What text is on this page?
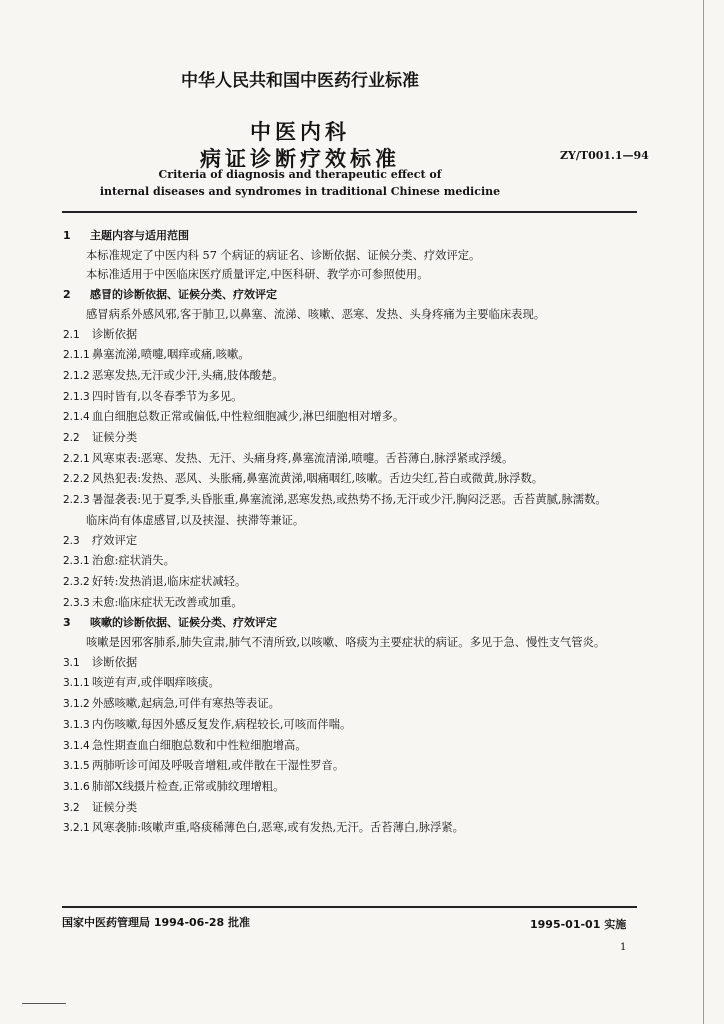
中华人民共和国中医药行业标准
中医内科
病证诊断疗效标准	ZY/T001.1—94
Criteria of diagnosis and therapeutic effect of
internal diseases and syndromes in traditional Chinese medicine
1 主题内容与适用范围
本标准规定了中医内科 57 个病证的病证名、诊断依据、证候分类、疗效评定。
本标准适用于中医临床医疗质量评定,中医科研、教学亦可参照使用。
2 感冒的诊断依据、证候分类、疗效评定
感冒病系外感风邪,客于肺卫,以鼻塞、流涕、咳嗽、恶寒、发热、头身疼痛为主要临床表现。
2.1 诊断依据
2.1.1 鼻塞流涕,喷嚏,咽痒或痛,咳嗽。
2.1.2 恶寒发热,无汗或少汗,头痛,肢体酸楚。
2.1.3 四时皆有,以冬春季节为多见。
2.1.4 血白细胞总数正常或偏低,中性粒细胞减少,淋巴细胞相对增多。
2.2 证候分类
2.2.1 风寒束表:恶寒、发热、无汗、头痛身疼,鼻塞流清涕,喷嚏。舌苔薄白,脉浮紧或浮缓。
2.2.2 风热犯表:发热、恶风、头胀痛,鼻塞流黄涕,咽痛咽红,咳嗽。舌边尖红,苔白或微黄,脉浮数。
2.2.3 暑湿袭表:见于夏季,头昏胀重,鼻塞流涕,恶寒发热,或热势不扬,无汗或少汗,胸闷泛恶。舌苔黄腻,脉濡数。
临床尚有体虚感冒,以及挟湿、挟滞等兼证。
2.3 疗效评定
2.3.1 治愈:症状消失。
2.3.2 好转:发热消退,临床症状减轻。
2.3.3 未愈:临床症状无改善或加重。
3 咳嗽的诊断依据、证候分类、疗效评定
咳嗽是因邪客肺系,肺失宣肃,肺气不清所致,以咳嗽、咯痰为主要症状的病证。多见于急、慢性支气管炎。
3.1 诊断依据
3.1.1 咳逆有声,或伴咽痒咳痰。
3.1.2 外感咳嗽,起病急,可伴有寒热等表证。
3.1.3 内伤咳嗽,每因外感反复发作,病程较长,可咳而伴喘。
3.1.4 急性期查血白细胞总数和中性粒细胞增高。
3.1.5 两肺听诊可闻及呼吸音增粗,或伴散在干湿性罗音。
3.1.6 肺部X线摄片检查,正常或肺纹理增粗。
3.2 证候分类
3.2.1 风寒袭肺:咳嗽声重,咯痰稀薄色白,恶寒,或有发热,无汗。舌苔薄白,脉浮紧。
国家中医药管理局 1994-06-28 批准	1995-01-01 实施
1
